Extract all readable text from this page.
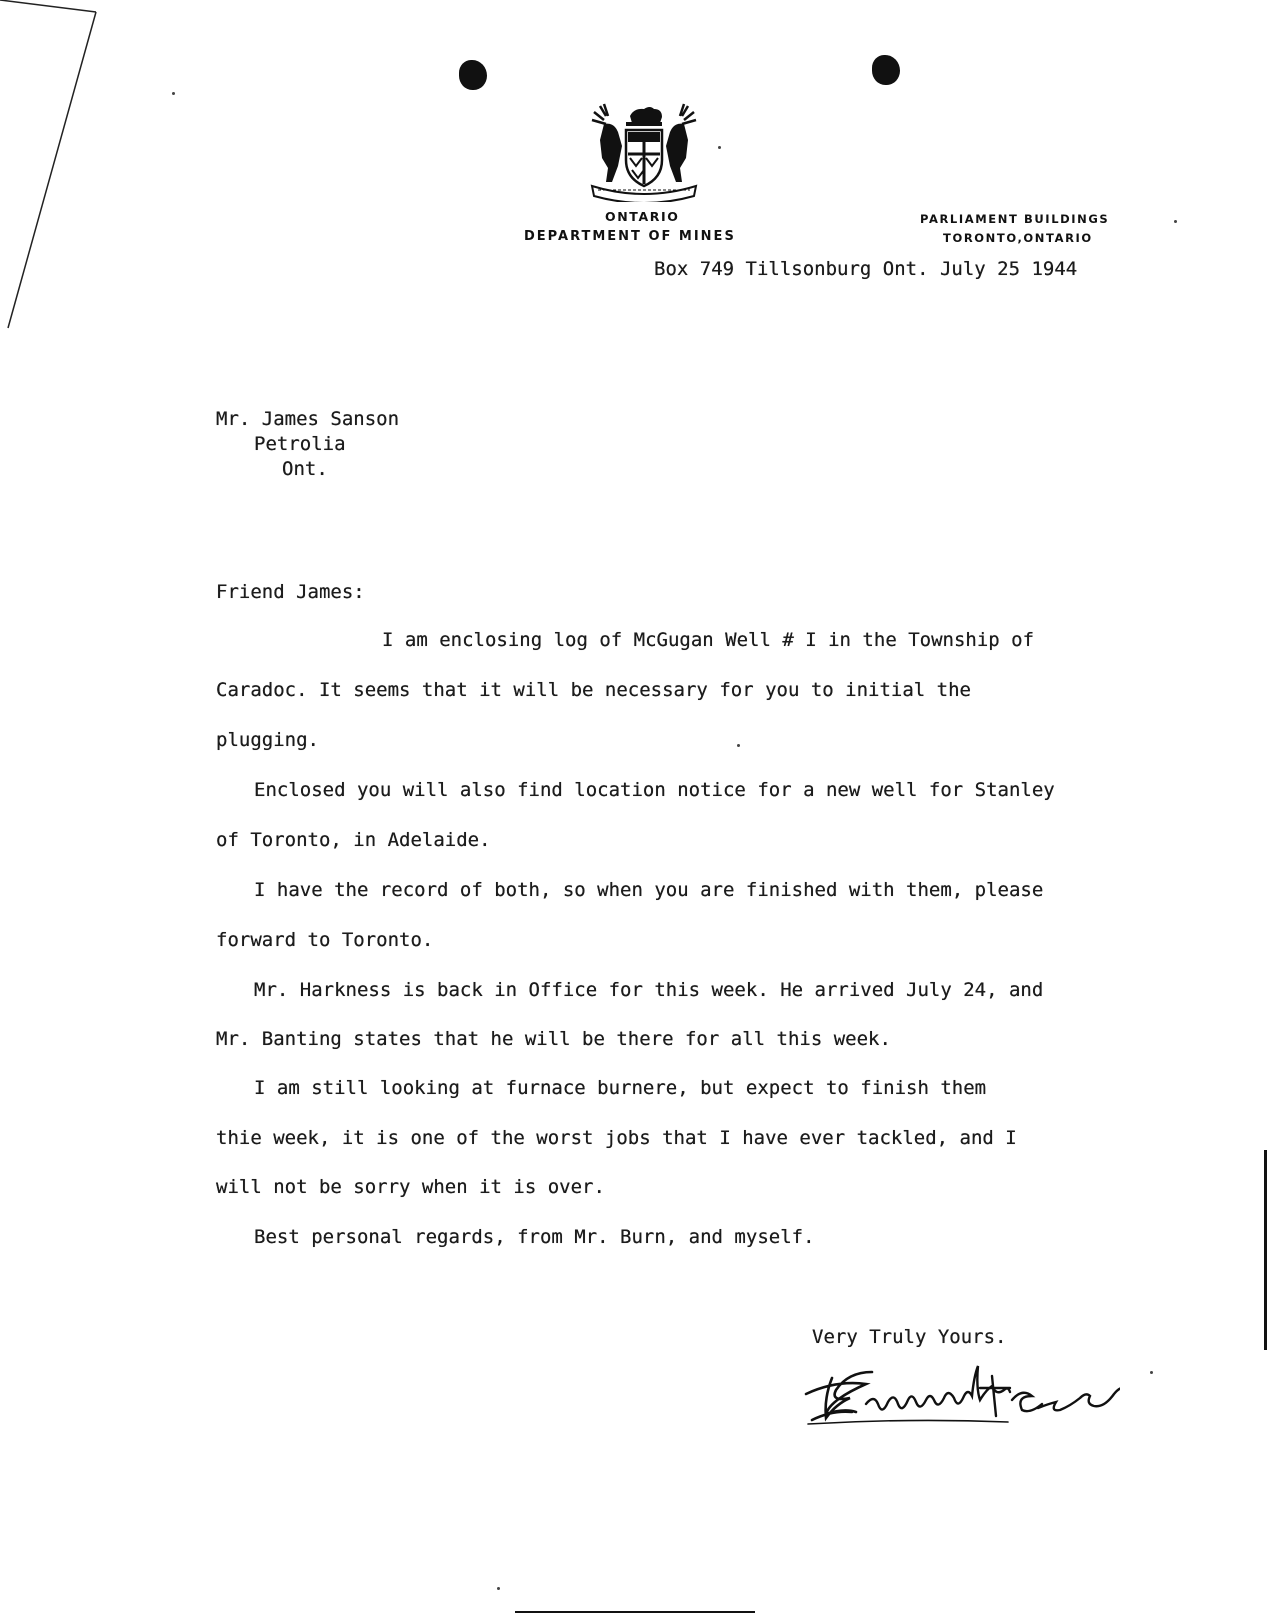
ONTARIO
DEPARTMENT OF MINES
PARLIAMENT BUILDINGS
TORONTO,ONTARIO
Box 749 Tillsonburg Ont. July 25 1944
Mr. James Sanson
Petrolia
Ont.
Friend James:
I am enclosing log of McGugan Well # I in the Township of
Caradoc. It seems that it will be necessary for you to initial the
plugging.
Enclosed you will also find location notice for a new well for Stanley
of Toronto, in Adelaide.
I have the record of both, so when you are finished with them, please
forward to Toronto.
Mr. Harkness is back in Office for this week. He arrived July 24, and
Mr. Banting states that he will be there for all this week.
I am still looking at furnace burnere, but expect to finish them
thie week, it is one of the worst jobs that I have ever tackled, and I
will not be sorry when it is over.
Best personal regards, from Mr. Burn, and myself.
Very Truly Yours.
